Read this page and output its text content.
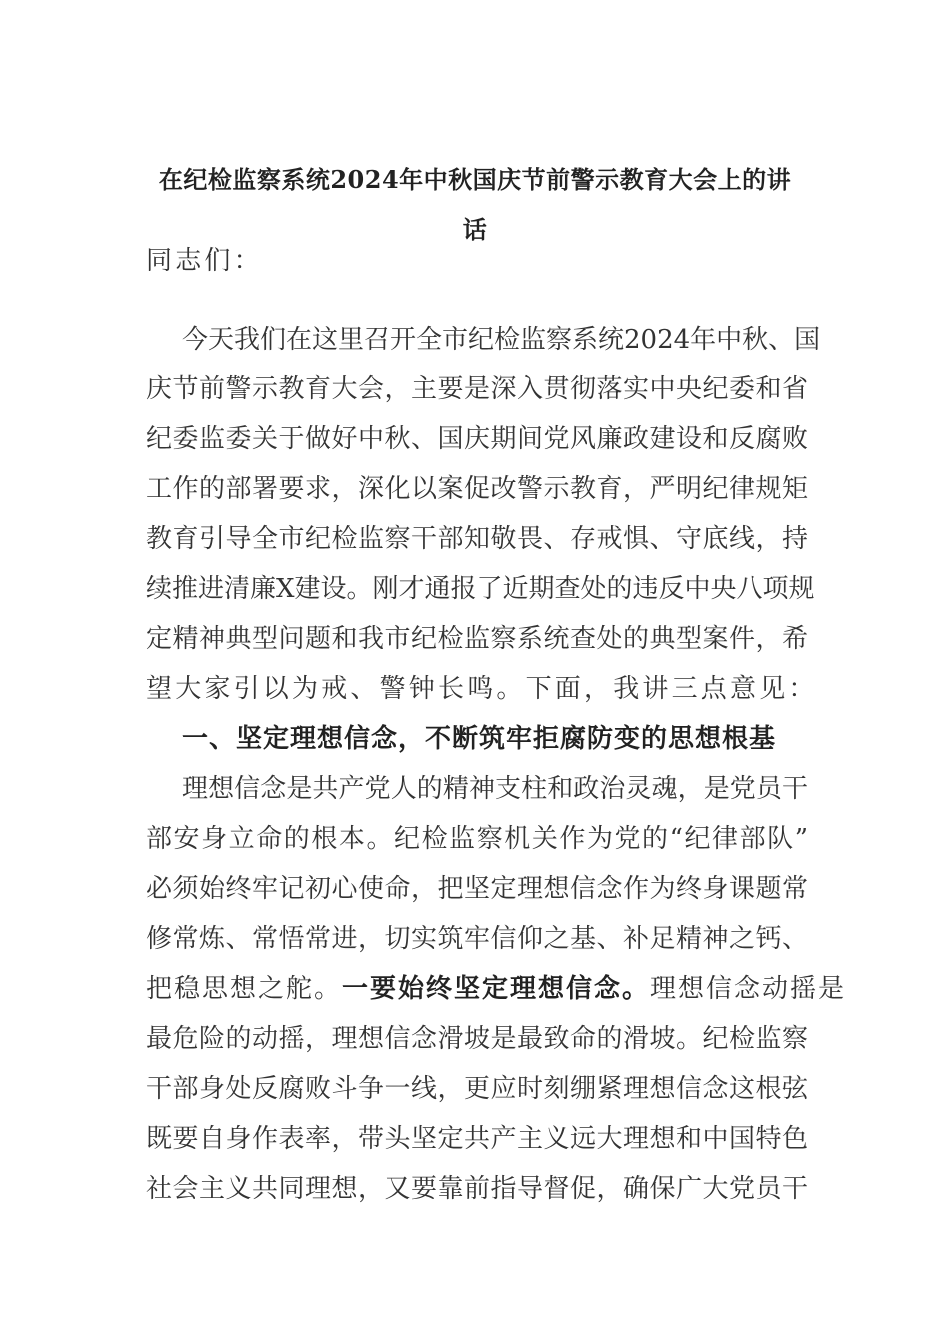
在纪检监察系统2024年中秋国庆节前警示教育大会上的讲
话
同志们：
今天我们在这里召开全市纪检监察系统2024年中秋、国
庆节前警示教育大会，主要是深入贯彻落实中央纪委和省
纪委监委关于做好中秋、国庆期间党风廉政建设和反腐败
工作的部署要求，深化以案促改警示教育，严明纪律规矩
教育引导全市纪检监察干部知敬畏、存戒惧、守底线，持
续推进清廉X建设。刚才通报了近期查处的违反中央八项规
定精神典型问题和我市纪检监察系统查处的典型案件，希
望大家引以为戒、警钟长鸣。下面，我讲三点意见：
一、坚定理想信念，不断筑牢拒腐防变的思想根基
理想信念是共产党人的精神支柱和政治灵魂，是党员干
部安身立命的根本。纪检监察机关作为党的“纪律部队”
必须始终牢记初心使命，把坚定理想信念作为终身课题常
修常炼、常悟常进，切实筑牢信仰之基、补足精神之钙、
把稳思想之舵。一要始终坚定理想信念。理想信念动摇是
最危险的动摇，理想信念滑坡是最致命的滑坡。纪检监察
干部身处反腐败斗争一线，更应时刻绷紧理想信念这根弦
既要自身作表率，带头坚定共产主义远大理想和中国特色
社会主义共同理想，又要靠前指导督促，确保广大党员干
